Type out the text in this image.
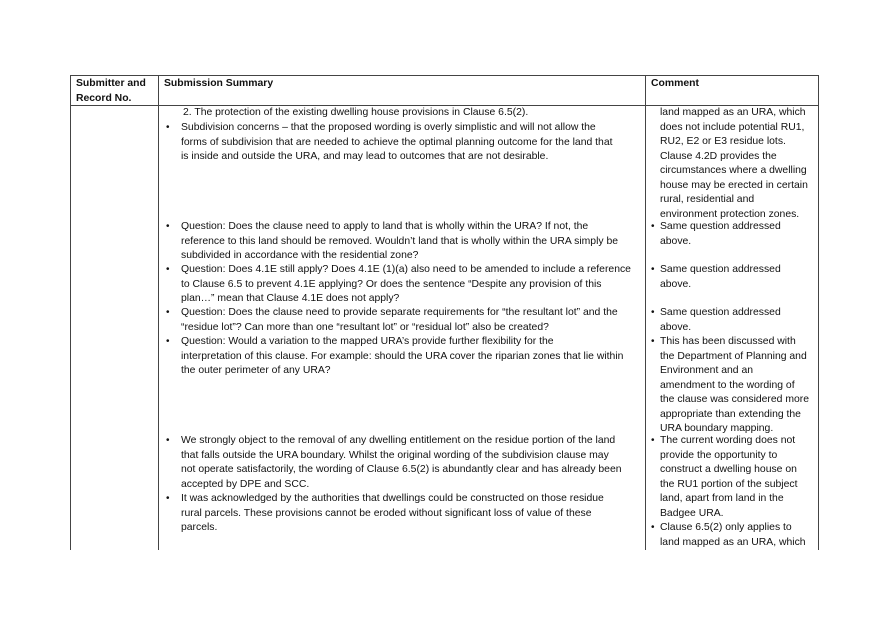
Submitter and
Record No.
Submission Summary	Comment
2. The protection of the existing dwelling house provisions in Clause 6.5(2).
• Subdivision concerns – that the proposed wording is overly simplistic and will not allow the
forms of subdivision that are needed to achieve the optimal planning outcome for the land that
is inside and outside the URA, and may lead to outcomes that are not desirable.
• Question: Does the clause need to apply to land that is wholly within the URA? If not, the
reference to this land should be removed. Wouldn’t land that is wholly within the URA simply be
subdivided in accordance with the residential zone?
• Question: Does 4.1E still apply? Does 4.1E (1)(a) also need to be amended to include a reference
to Clause 6.5 to prevent 4.1E applying? Or does the sentence “Despite any provision of this
plan…” mean that Clause 4.1E does not apply?
• Question: Does the clause need to provide separate requirements for “the resultant lot” and the
“residue lot”? Can more than one “resultant lot” or “residual lot” also be created?
• Question: Would a variation to the mapped URA’s provide further flexibility for the
interpretation of this clause. For example: should the URA cover the riparian zones that lie within
the outer perimeter of any URA?
• We strongly object to the removal of any dwelling entitlement on the residue portion of the land
that falls outside the URA boundary. Whilst the original wording of the subdivision clause may
not operate satisfactorily, the wording of Clause 6.5(2) is abundantly clear and has already been
accepted by DPE and SCC.
• It was acknowledged by the authorities that dwellings could be constructed on those residue
rural parcels. These provisions cannot be eroded without significant loss of value of these
parcels.
land mapped as an URA, which
does not include potential RU1,
RU2, E2 or E3 residue lots.
Clause 4.2D provides the
circumstances where a dwelling
house may be erected in certain
rural, residential and
environment protection zones.
• Same question addressed
above.
• Same question addressed
above.
• Same question addressed
above.
• This has been discussed with
the Department of Planning and
Environment and an
amendment to the wording of
the clause was considered more
appropriate than extending the
URA boundary mapping.
• The current wording does not
provide the opportunity to
construct a dwelling house on
the RU1 portion of the subject
land, apart from land in the
Badgee URA.
• Clause 6.5(2) only applies to
land mapped as an URA, which
